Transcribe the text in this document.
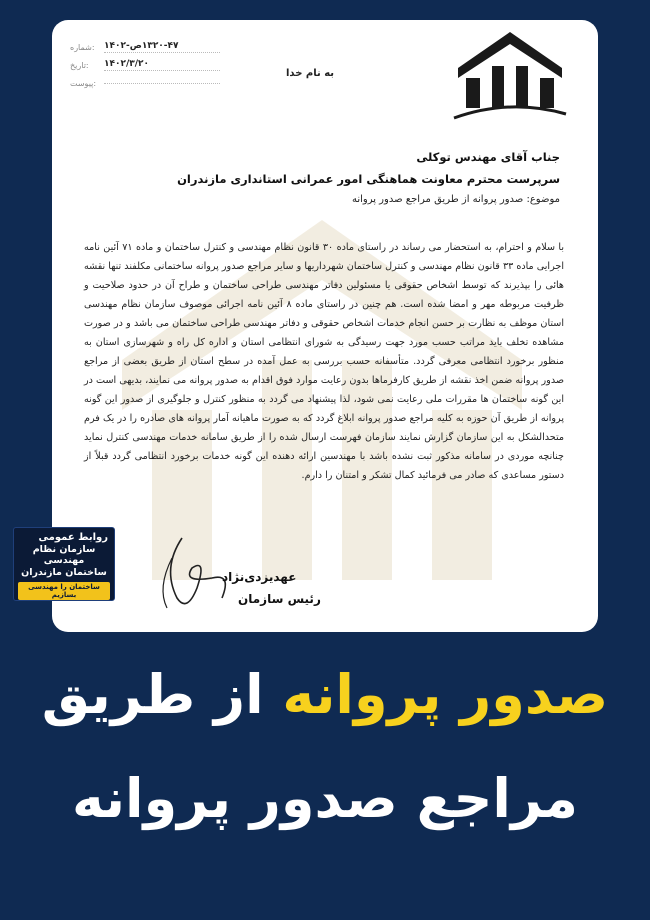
شماره:	۱۳۲۰-۴۷ص-۱۴۰۲
تاریخ:	۱۴۰۲/۳/۲۰
پیوست:
به نام خدا
جناب آقای مهندس توکلی
سرپرست محترم معاونت هماهنگی امور عمرانی استانداری مازندران
موضوع: صدور پروانه از طریق مراجع صدور پروانه
با سلام و احترام، به استحضار می رساند در راستای ماده ۳۰ قانون نظام مهندسی و کنترل ساختمان و ماده ۷۱ آئین نامه اجرایی ماده ۳۳ قانون نظام مهندسی و کنترل ساختمان شهرداریها و سایر مراجع صدور پروانه ساختمانی مکلفند تنها نقشه هائی را بپذیرند که توسط اشخاص حقوقی یا مسئولین دفاتر مهندسی طراحی ساختمان و طراح آن در حدود صلاحیت و ظرفیت مربوطه مهر و امضا شده است. هم چنین در راستای ماده ۸ آئین نامه اجرائی موصوف سازمان نظام مهندسی استان موظف به نظارت بر حسن انجام خدمات اشخاص حقوقی و دفاتر مهندسی طراحی ساختمان می باشد و در صورت مشاهده تخلف باید مراتب حسب مورد جهت رسیدگی به شورای انتظامی استان و اداره کل راه و شهرسازی استان به منظور برخورد انتظامی معرفی گردد. متأسفانه حسب بررسی به عمل آمده در سطح استان از طریق بعضی از مراجع صدور پروانه ضمن اخذ نقشه از طریق کارفرماها بدون رعایت موارد فوق اقدام به صدور پروانه می نمایند، بدیهی است در این گونه ساختمان ها مقررات ملی رعایت نمی شود، لذا پیشنهاد می گردد به منظور کنترل و جلوگیری از صدور این گونه پروانه از طریق آن حوزه به کلیه مراجع صدور پروانه ابلاغ گردد که به صورت ماهیانه آمار پروانه های صادره را در یک فرم متحدالشکل به این سازمان گزارش نمایند سازمان فهرست ارسال شده را از طریق سامانه خدمات مهندسی کنترل نماید چنانچه موردی در سامانه مذکور ثبت نشده باشد با مهندسین ارائه دهنده این گونه خدمات برخورد انتظامی گردد قبلاً از دستور مساعدی که صادر می فرمائید کمال تشکر و امتنان را دارم.
عهدیزدی‌نژاد
رئیس سازمان
روابط عمومی
سازمان نظام مهندسی
ساختمان مازندران
ساختمان را مهندسی بسازیم
صدور پروانه از طریق
مراجع صدور پروانه
